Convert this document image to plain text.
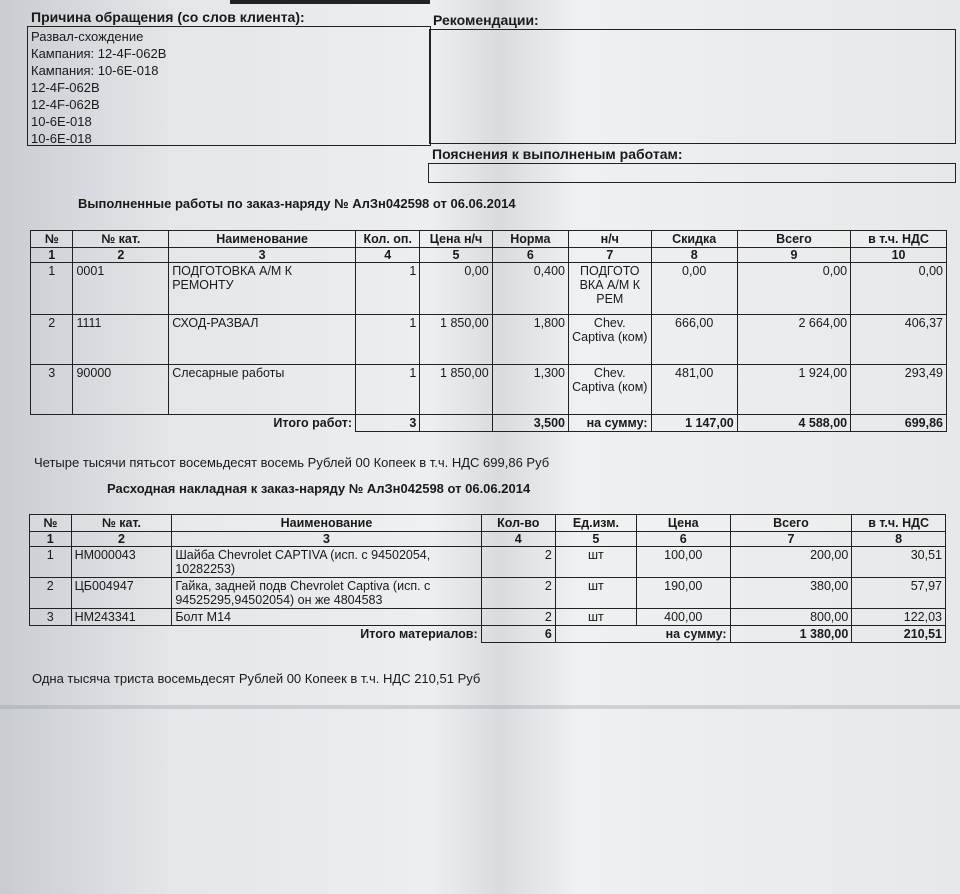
Причина обращения (со слов клиента):
Развал-схождение
Кампания: 12-4F-062B
Кампания: 10-6E-018
12-4F-062B
12-4F-062B
10-6E-018
10-6E-018
Рекомендации:
Пояснения к выполненым работам:
Выполненные работы по заказ-наряду № АлЗн042598 от 06.06.2014
№	№ кат.	Наименование	Кол. оп.	Цена н/ч	Норма	н/ч	Скидка	Всего	в т.ч. НДС
1	2	3	4	5	6	7	8	9	10
1	0001	ПОДГОТОВКА А/М К РЕМОНТУ	1	0,00	0,400	ПОДГОТО ВКА А/М К РЕМ	0,00	0,00	0,00
2	1111	СХОД-РАЗВАЛ	1	1 850,00	1,800	Chev. Captiva (ком)	666,00	2 664,00	406,37
3	90000	Слесарные работы	1	1 850,00	1,300	Chev. Captiva (ком)	481,00	1 924,00	293,49
Итого работ:			3		3,500	на сумму:	1 147,00	4 588,00	699,86
Четыре тысячи пятьсот восемьдесят восемь Рублей 00 Копеек в т.ч. НДС 699,86 Руб
Расходная накладная к заказ-наряду № АлЗн042598 от 06.06.2014
№	№ кат.	Наименование	Кол-во	Ед.изм.	Цена	Всего	в т.ч. НДС
1	2	3	4	5	6	7	8
1	НМ000043	Шайба Chevrolet CAPTIVA (исп. с 94502054, 10282253)	2	шт	100,00	200,00	30,51
2	ЦБ004947	Гайка, задней подв Chevrolet Captiva (исп. с 94525295,94502054) он же 4804583	2	шт	190,00	380,00	57,97
3	НМ243341	Болт М14	2	шт	400,00	800,00	122,03
Итого материалов:			6	на сумму:		1 380,00	210,51
Одна тысяча триста восемьдесят Рублей 00 Копеек в т.ч. НДС 210,51 Руб
